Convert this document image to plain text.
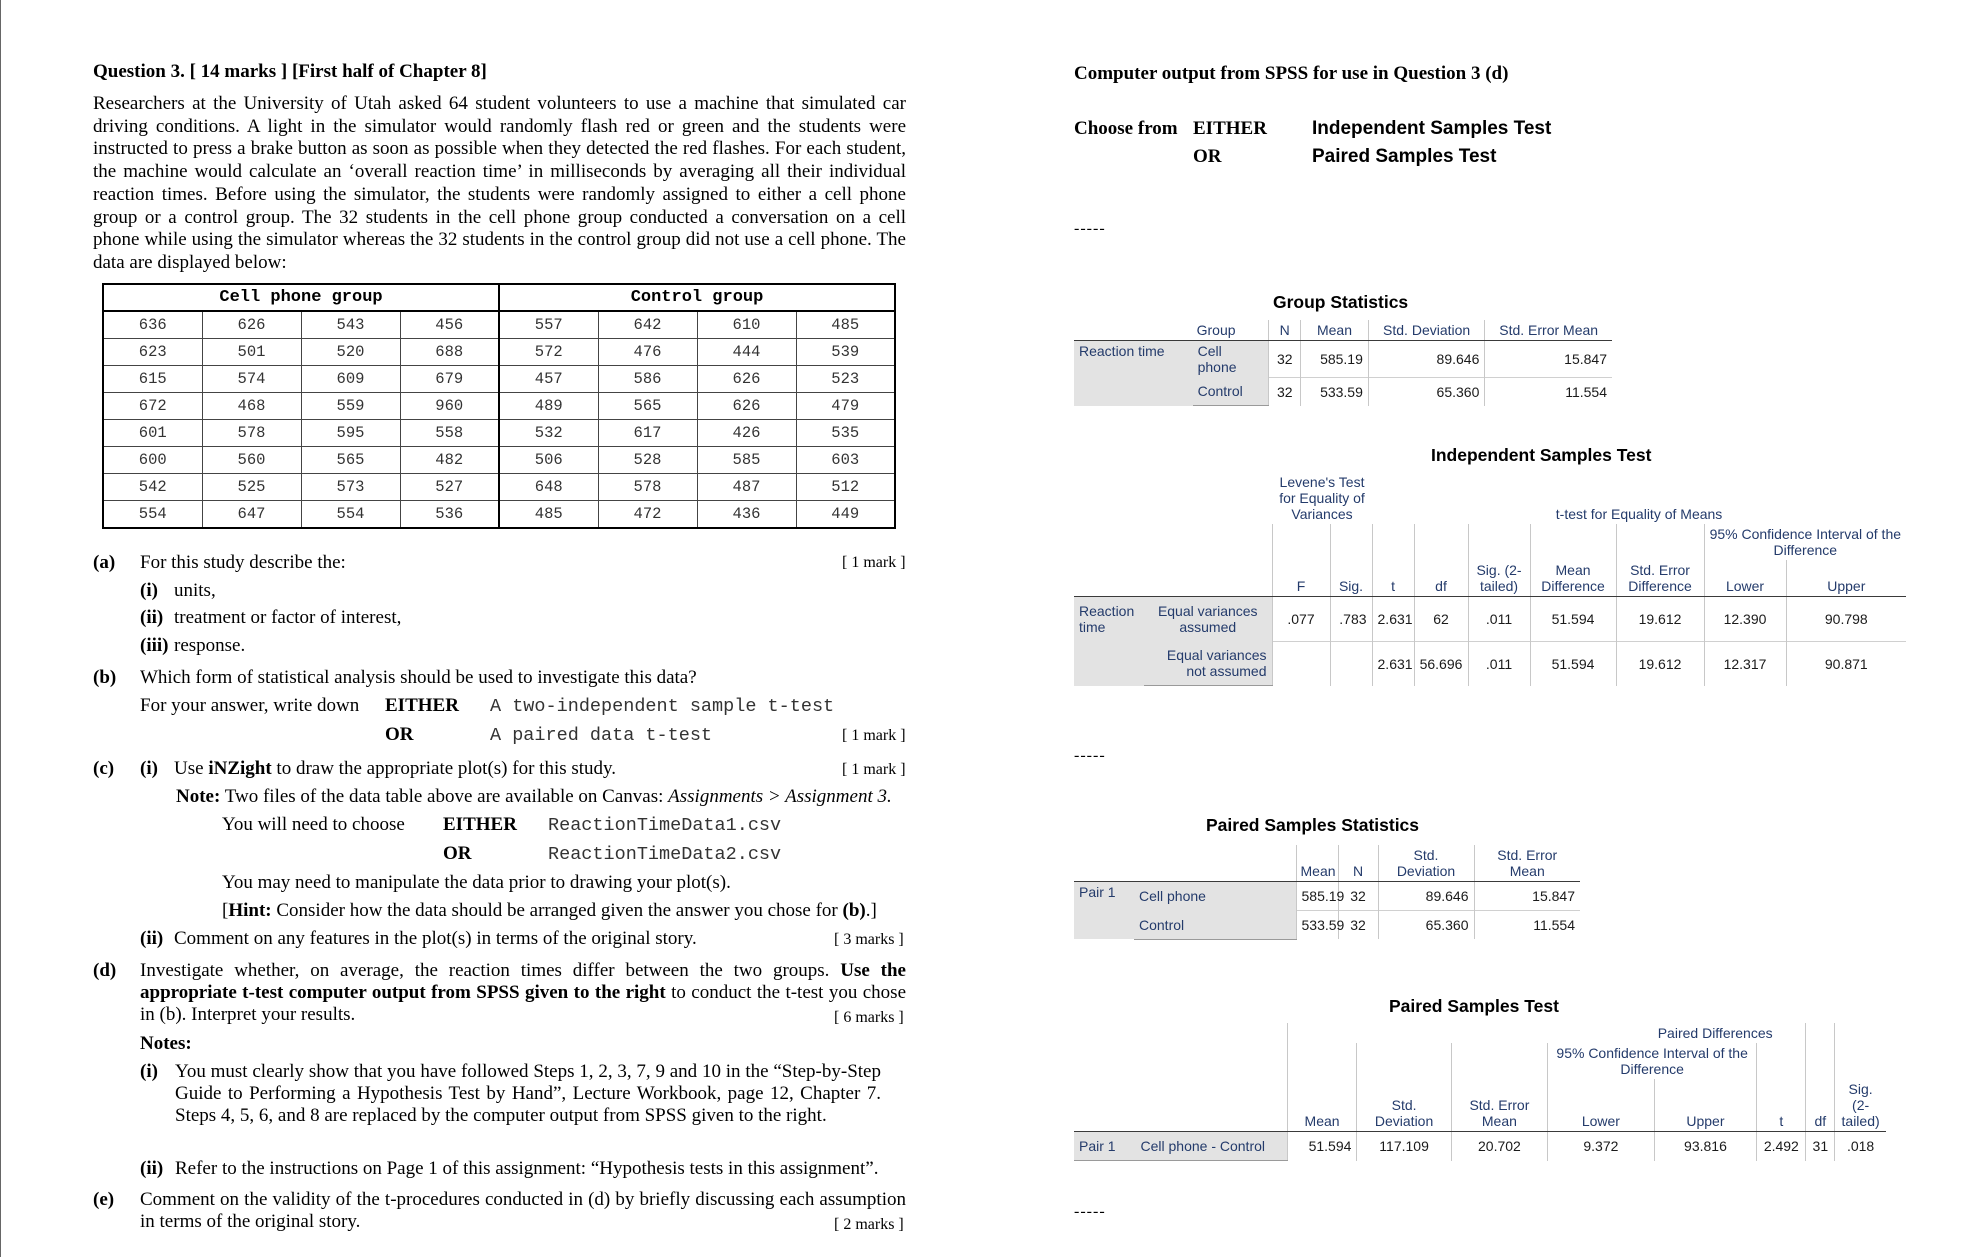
Question 3. [ 14 marks ] [First half of Chapter 8]
Researchers at the University of Utah asked 64 student volunteers to use a machine that simulated car driving conditions. A light in the simulator would randomly flash red or green and the students were instructed to press a brake button as soon as possible when they detected the red flashes. For each student, the machine would calculate an ‘overall reaction time’ in milliseconds by averaging all their individual reaction times. Before using the simulator, the students were randomly assigned to either a cell phone group or a control group. The 32 students in the cell phone group conducted a conversation on a cell phone while using the simulator whereas the 32 students in the control group did not use a cell phone. The data are displayed below:
Cell phone group				Control group			
636	626	543	456	557	642	610	485
623	501	520	688	572	476	444	539
615	574	609	679	457	586	626	523
672	468	559	960	489	565	626	479
601	578	595	558	532	617	426	535
600	560	565	482	506	528	585	603
542	525	573	527	648	578	487	512
554	647	554	536	485	472	436	449
(a) For this study describe the:	[ 1 mark ]
(i) units,
(ii) treatment or factor of interest,
(iii) response.
(b) Which form of statistical analysis should be used to investigate this data?
For your answer, write down EITHER A two-independent sample t-test
OR	A paired data t-test	[ 1 mark ]
(c) (i) Use iNZight to draw the appropriate plot(s) for this study.	[ 1 mark ]
Note: Two files of the data table above are available on Canvas: Assignments > Assignment 3.
You will need to choose EITHER ReactionTimeData1.csv
OR	ReactionTimeData2.csv
You may need to manipulate the data prior to drawing your plot(s).
[Hint: Consider how the data should be arranged given the answer you chose for (b).]
(ii) Comment on any features in the plot(s) in terms of the original story.	[ 3 marks ]
(d) Investigate whether, on average, the reaction times differ between the two groups. Use the appropriate t-test computer output from SPSS given to the right to conduct the t-test you chose in (b). Interpret your results.	[ 6 marks ]
Notes:
(i) You must clearly show that you have followed Steps 1, 2, 3, 7, 9 and 10 in the “Step-by-Step Guide to Performing a Hypothesis Test by Hand”, Lecture Workbook, page 12, Chapter 7. Steps 4, 5, 6, and 8 are replaced by the computer output from SPSS given to the right.
(ii) Refer to the instructions on Page 1 of this assignment: “Hypothesis tests in this assignment”.
(e) Comment on the validity of the t-procedures conducted in (d) by briefly discussing each assumption in terms of the original story.	[ 2 marks ]
Computer output from SPSS for use in Question 3 (d)
Choose from EITHER Independent Samples Test
OR	Paired Samples Test
-----
Group Statistics
	Group	N	Mean	Std. Deviation	Std. Error Mean
Reaction time	Cell phone	32	585.19	89.646	15.847
	Control	32	533.59	65.360	11.554
Independent Samples Test
		Levene's Test for Equality of Variances		t-test for Equality of Means						
									95% Confidence Interval of the Difference	
		F	Sig.	t	df	Sig. (2-tailed)	Mean Difference	Std. Error Difference	Lower	Upper
Reaction time	Equal variances assumed	.077	.783	2.631	62	.011	51.594	19.612	12.390	90.798
	Equal variances not assumed			2.631	56.696	.011	51.594	19.612	12.317	90.871
-----
Paired Samples Statistics
		Mean	N	Std. Deviation	Std. Error Mean
Pair 1	Cell phone	585.19	32	89.646	15.847
	Control	533.59	32	65.360	11.554
Paired Samples Test
		Paired Differences							
					95% Confidence Interval of the Difference				
		Mean	Std. Deviation	Std. Error Mean	Lower	Upper	t	df	Sig. (2-tailed)
Pair 1	Cell phone - Control	51.594	117.109	20.702	9.372	93.816	2.492	31	.018
-----
